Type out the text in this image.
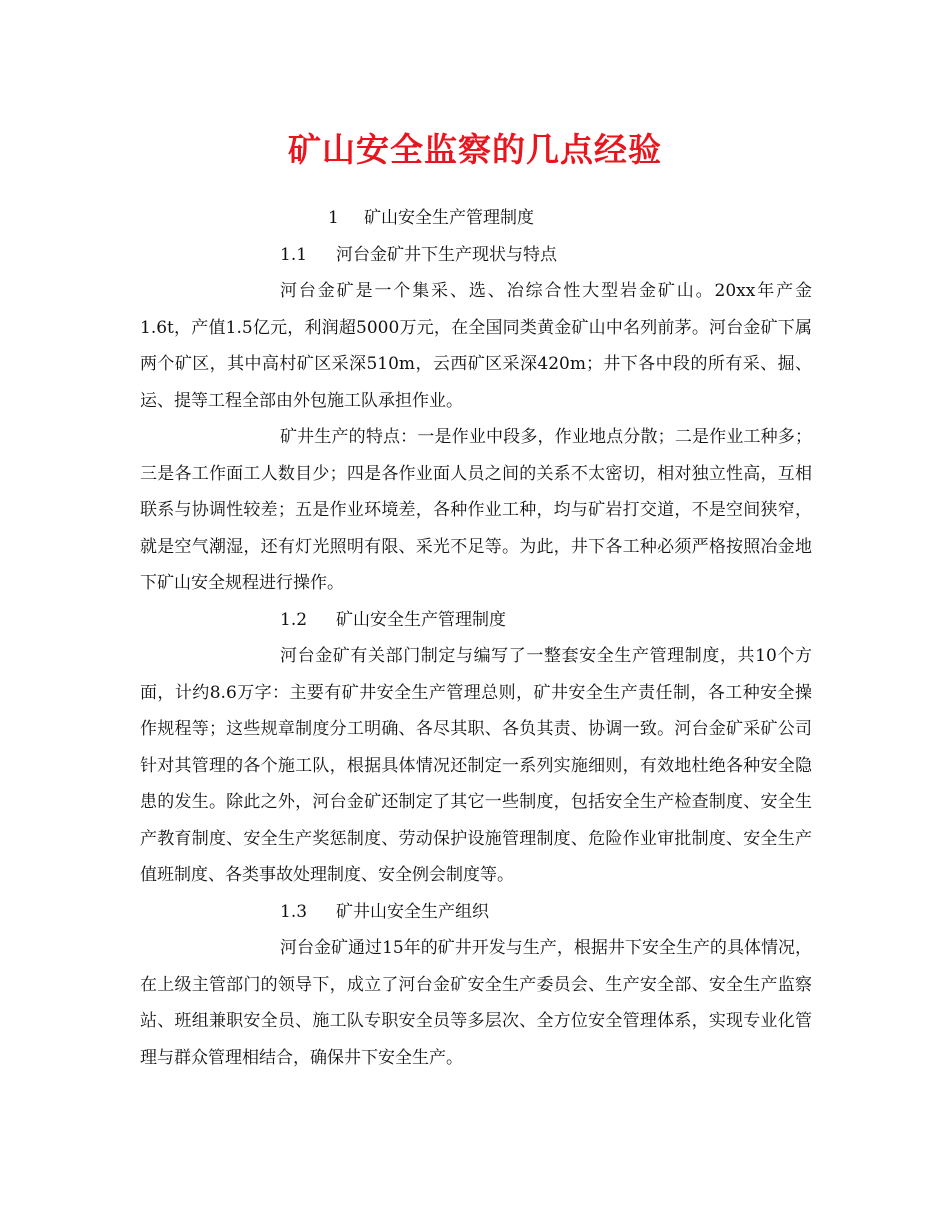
矿山安全监察的几点经验
1 矿山安全生产管理制度
1.1 河台金矿井下生产现状与特点

河台金矿是一个集采、选、冶综合性大型岩金矿山。20xx年产金1.6t，产值1.5亿元，利润超5000万元，在全国同类黄金矿山中名列前茅。河台金矿下属两个矿区，其中高村矿区采深510m，云西矿区采深420m；井下各中段的所有采、掘、运、提等工程全部由外包施工队承担作业。

矿井生产的特点：一是作业中段多，作业地点分散；二是作业工种多；三是各工作面工人数目少；四是各作业面人员之间的关系不太密切，相对独立性高，互相联系与协调性较差；五是作业环境差，各种作业工种，均与矿岩打交道，不是空间狭窄，就是空气潮湿，还有灯光照明有限、采光不足等。为此，井下各工种必须严格按照冶金地下矿山安全规程进行操作。

1.2 矿山安全生产管理制度

河台金矿有关部门制定与编写了一整套安全生产管理制度，共10个方面，计约8.6万字：主要有矿井安全生产管理总则，矿井安全生产责任制，各工种安全操作规程等；这些规章制度分工明确、各尽其职、各负其责、协调一致。河台金矿采矿公司针对其管理的各个施工队，根据具体情况还制定一系列实施细则，有效地杜绝各种安全隐患的发生。除此之外，河台金矿还制定了其它一些制度，包括安全生产检查制度、安全生产教育制度、安全生产奖惩制度、劳动保护设施管理制度、危险作业审批制度、安全生产值班制度、各类事故处理制度、安全例会制度等。

1.3 矿井山安全生产组织

河台金矿通过15年的矿井开发与生产，根据井下安全生产的具体情况，在上级主管部门的领导下，成立了河台金矿安全生产委员会、生产安全部、安全生产监察站、班组兼职安全员、施工队专职安全员等多层次、全方位安全管理体系，实现专业化管理与群众管理相结合，确保井下安全生产。
